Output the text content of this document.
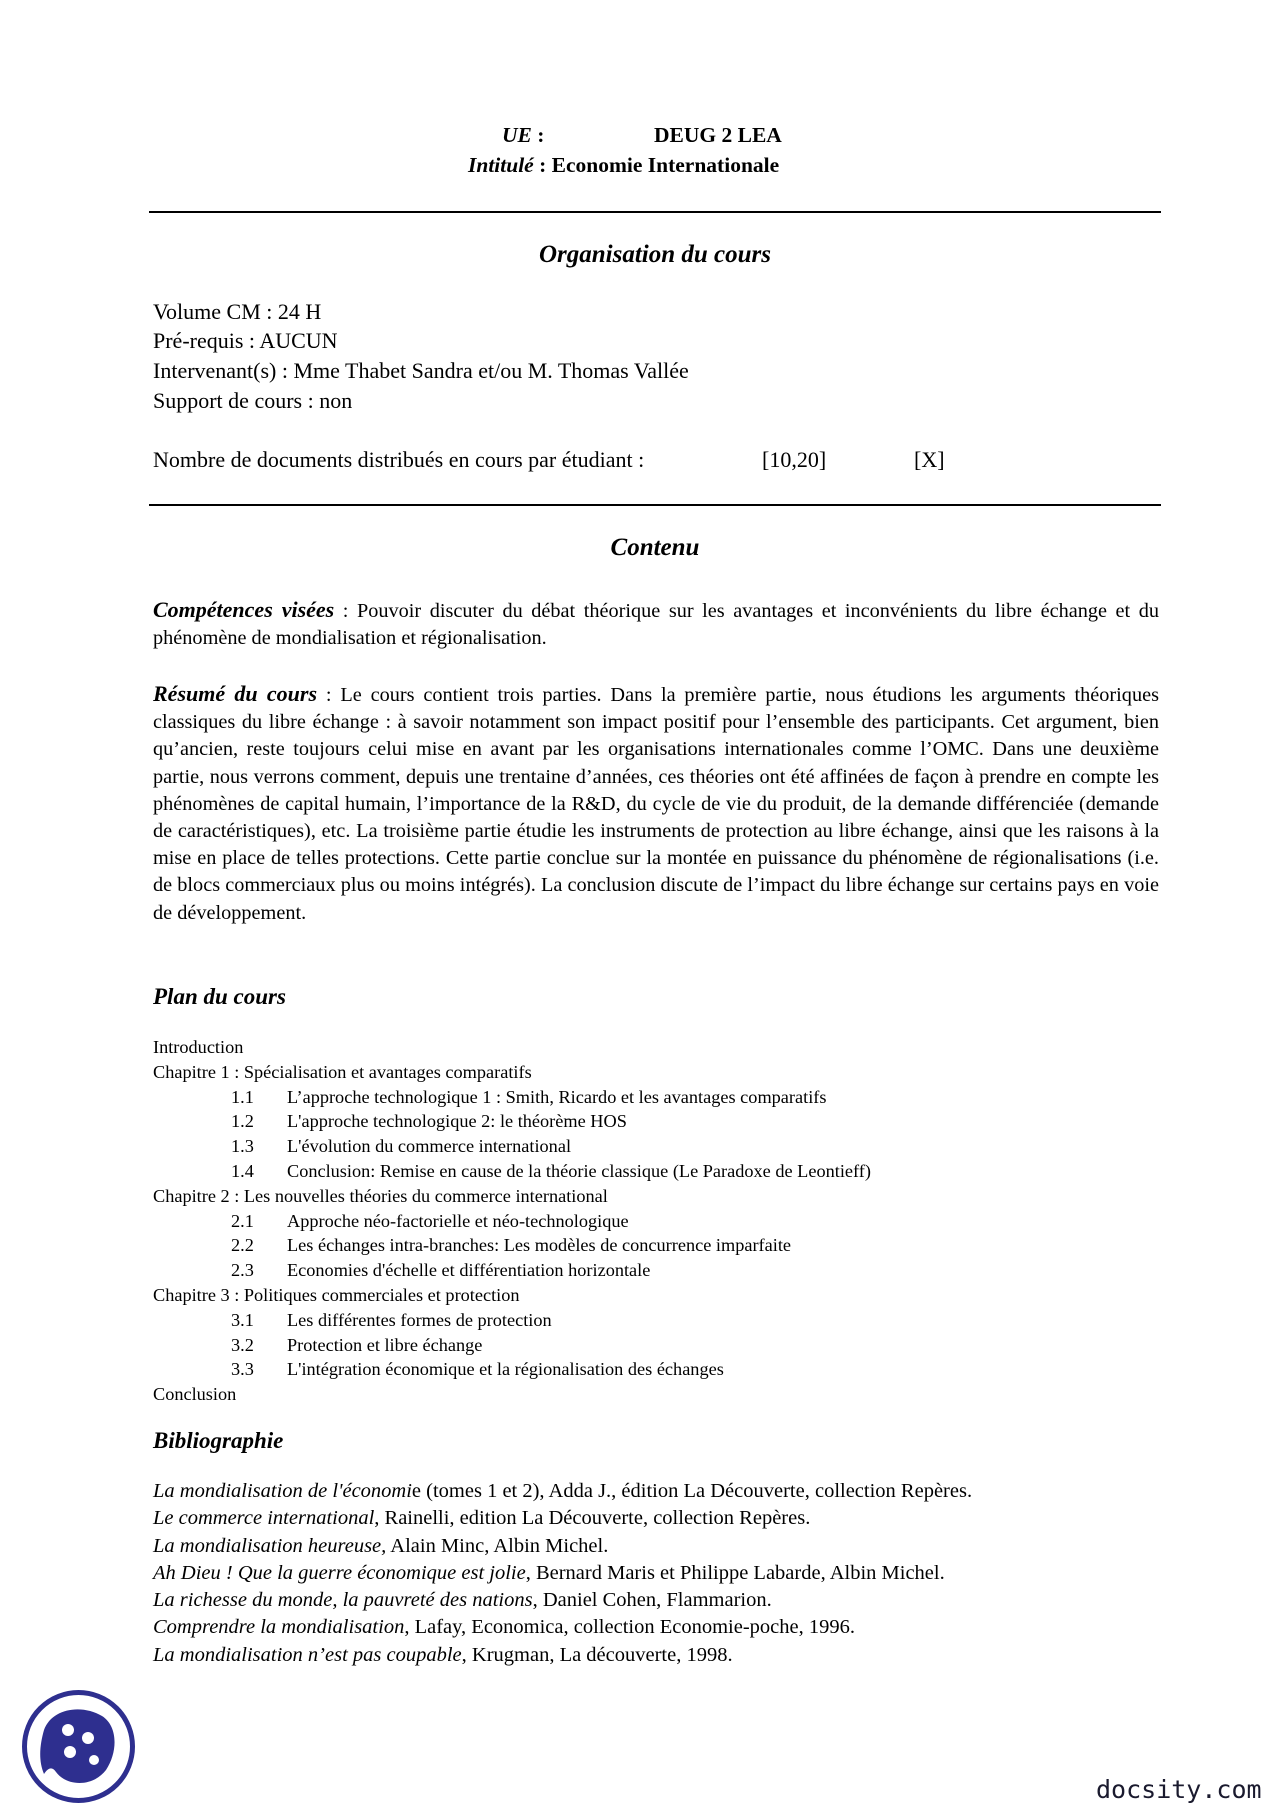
UE :	DEUG 2 LEA
Intitulé : Economie Internationale
Organisation du cours
Volume CM : 24 H
Pré-requis : AUCUN
Intervenant(s) : Mme Thabet Sandra et/ou M. Thomas Vallée
Support de cours : non
Nombre de documents distribués en cours par étudiant :	[10,20]	[X]
Contenu
Compétences visées : Pouvoir discuter du débat théorique sur les avantages et inconvénients du libre échange et du phénomène de mondialisation et régionalisation.
Résumé du cours : Le cours contient trois parties. Dans la première partie, nous étudions les arguments théoriques classiques du libre échange : à savoir notamment son impact positif pour l’ensemble des participants. Cet argument, bien qu’ancien, reste toujours celui mise en avant par les organisations internationales comme l’OMC. Dans une deuxième partie, nous verrons comment, depuis une trentaine d’années, ces théories ont été affinées de façon à prendre en compte les phénomènes de capital humain, l’importance de la R&D, du cycle de vie du produit, de la demande différenciée (demande de caractéristiques), etc. La troisième partie étudie les instruments de protection au libre échange, ainsi que les raisons à la mise en place de telles protections. Cette partie conclue sur la montée en puissance du phénomène de régionalisations (i.e. de blocs commerciaux plus ou moins intégrés). La conclusion discute de l’impact du libre échange sur certains pays en voie de développement.
Plan du cours
Introduction
Chapitre 1 : Spécialisation et avantages comparatifs
1.1 L’approche technologique 1 : Smith, Ricardo et les avantages comparatifs
1.2 L'approche technologique 2: le théorème HOS
1.3 L'évolution du commerce international
1.4 Conclusion: Remise en cause de la théorie classique (Le Paradoxe de Leontieff)
Chapitre 2 : Les nouvelles théories du commerce international
2.1 Approche néo-factorielle et néo-technologique
2.2 Les échanges intra-branches: Les modèles de concurrence imparfaite
2.3 Economies d'échelle et différentiation horizontale
Chapitre 3 : Politiques commerciales et protection
3.1 Les différentes formes de protection
3.2 Protection et libre échange
3.3 L'intégration économique et la régionalisation des échanges
Conclusion
Bibliographie
La mondialisation de l'économie (tomes 1 et 2), Adda J., édition La Découverte, collection Repères.
Le commerce international, Rainelli, edition La Découverte, collection Repères.
La mondialisation heureuse, Alain Minc, Albin Michel.
Ah Dieu ! Que la guerre économique est jolie, Bernard Maris et Philippe Labarde, Albin Michel.
La richesse du monde, la pauvreté des nations, Daniel Cohen, Flammarion.
Comprendre la mondialisation, Lafay, Economica, collection Economie-poche, 1996.
La mondialisation n’est pas coupable, Krugman, La découverte, 1998.
docsity.com
